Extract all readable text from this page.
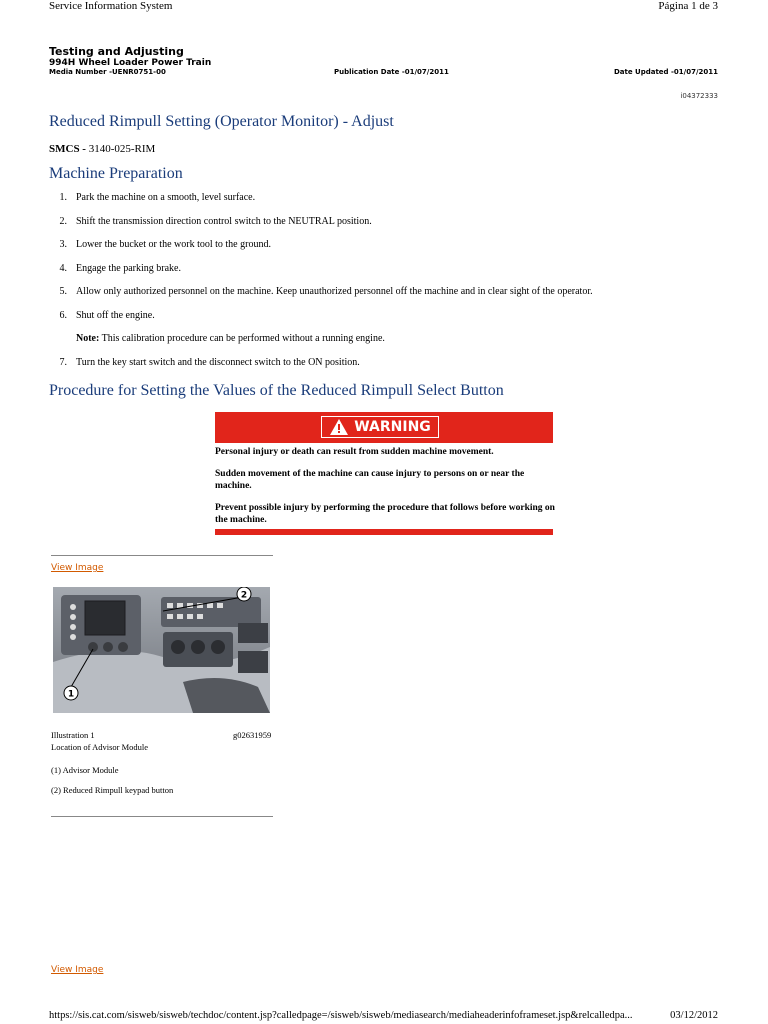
Service Information System	Página 1 de 3
Testing and Adjusting
994H Wheel Loader Power Train
Media Number -UENR0751-00	Publication Date -01/07/2011	Date Updated -01/07/2011
i04372333
Reduced Rimpull Setting (Operator Monitor) - Adjust
SMCS - 3140-025-RIM
Machine Preparation
1. Park the machine on a smooth, level surface.
2. Shift the transmission direction control switch to the NEUTRAL position.
3. Lower the bucket or the work tool to the ground.
4. Engage the parking brake.
5. Allow only authorized personnel on the machine. Keep unauthorized personnel off the machine and in clear sight of the operator.
6. Shut off the engine.
Note: This calibration procedure can be performed without a running engine.
7. Turn the key start switch and the disconnect switch to the ON position.
Procedure for Setting the Values of the Reduced Rimpull Select Button
WARNING

Personal injury or death can result from sudden machine movement.

Sudden movement of the machine can cause injury to persons on or near the machine.

Prevent possible injury by performing the procedure that follows before working on the machine.

View Image
1
2
Illustration 1	g02631959
Location of Advisor Module
(1) Advisor Module
(2) Reduced Rimpull keypad button
View Image
https://sis.cat.com/sisweb/sisweb/techdoc/content.jsp?calledpage=/sisweb/sisweb/mediasearch/mediaheaderinfoframeset.jsp&relcalledpa...	03/12/2012
